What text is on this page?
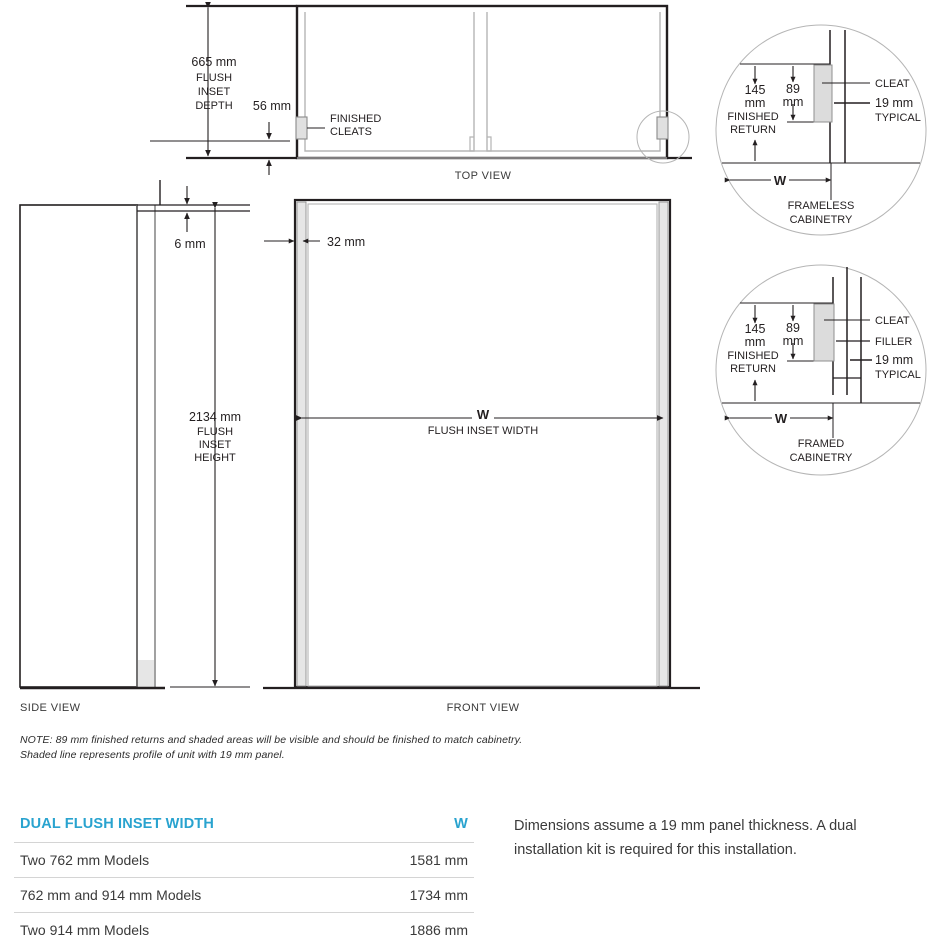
665 mm
FLUSH
INSET
DEPTH 56 mm
FINISHED
CLEATS
TOP VIEW
6 mm
2134 mm
FLUSH
INSET
HEIGHT
SIDE VIEW
32 mm
W
FLUSH INSET WIDTH
FRONT VIEW
145
mm
FINISHED
RETURN
89
mm
CLEAT
19 mm
TYPICAL
W
FRAMELESS
CABINETRY
145
mm
FINISHED
RETURN
89
mm
CLEAT
FILLER
19 mm
TYPICAL
W
FRAMED
CABINETRY
NOTE: 89 mm finished returns and shaded areas will be visible and should be finished to match cabinetry.
Shaded line represents profile of unit with 19 mm panel.
DUAL FLUSH INSET WIDTH	W
Two 762 mm Models	1581 mm
762 mm and 914 mm Models	1734 mm
Two 914 mm Models	1886 mm
Dimensions assume a 19 mm panel thickness. A dual installation kit is required for this installation.
